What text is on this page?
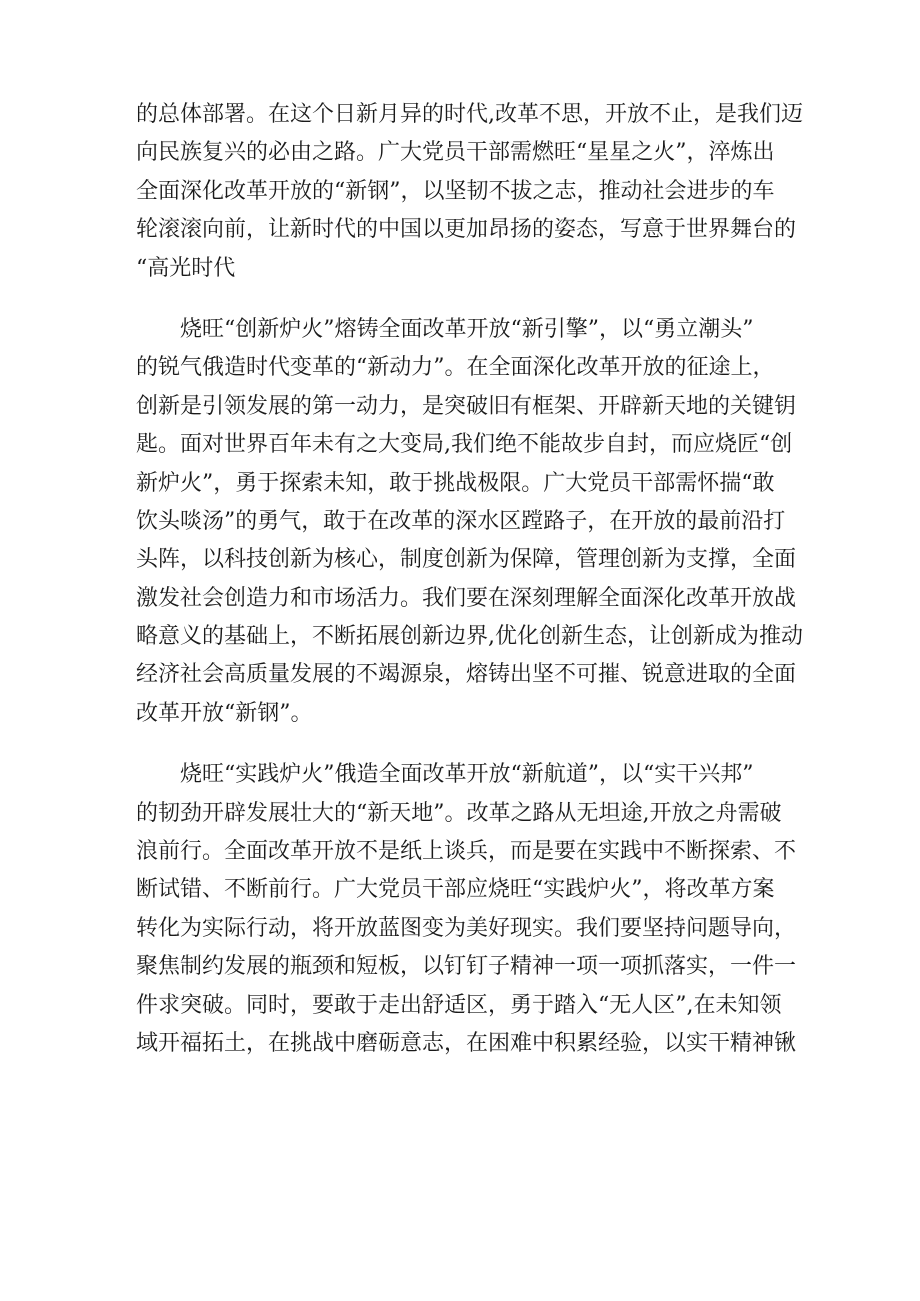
的总体部署。在这个日新月异的时代,改革不思，开放不止，是我们迈
向民族复兴的必由之路。广大党员干部需燃旺“星星之火”，淬炼出
全面深化改革开放的“新钢”，以坚韧不拔之志，推动社会进步的车
轮滚滚向前，让新时代的中国以更加昂扬的姿态，写意于世界舞台的
“高光时代
烧旺“创新炉火”熔铸全面改革开放“新引擎”，以“勇立潮头”
的锐气俄造时代变革的“新动力”。在全面深化改革开放的征途上，
创新是引领发展的第一动力，是突破旧有框架、开辟新天地的关键钥
匙。面对世界百年未有之大变局,我们绝不能故步自封，而应烧匠“创
新炉火”，勇于探索未知，敢于挑战极限。广大党员干部需怀揣“敢
饮头啖汤”的勇气，敢于在改革的深水区蹚路子，在开放的最前沿打
头阵，以科技创新为核心，制度创新为保障，管理创新为支撑，全面
激发社会创造力和市场活力。我们要在深刻理解全面深化改革开放战
略意义的基础上，不断拓展创新边界,优化创新生态，让创新成为推动
经济社会高质量发展的不竭源泉，熔铸出坚不可摧、锐意进取的全面
改革开放“新钢”。
烧旺“实践炉火”俄造全面改革开放“新航道”，以“实干兴邦”
的韧劲开辟发展壮大的“新天地”。改革之路从无坦途,开放之舟需破
浪前行。全面改革开放不是纸上谈兵，而是要在实践中不断探索、不
断试错、不断前行。广大党员干部应烧旺“实践炉火”，将改革方案
转化为实际行动，将开放蓝图变为美好现实。我们要坚持问题导向，
聚焦制约发展的瓶颈和短板，以钉钉子精神一项一项抓落实，一件一
件求突破。同时，要敢于走出舒适区，勇于踏入“无人区”,在未知领
域开福拓土，在挑战中磨砺意志，在困难中积累经验，以实干精神锹
